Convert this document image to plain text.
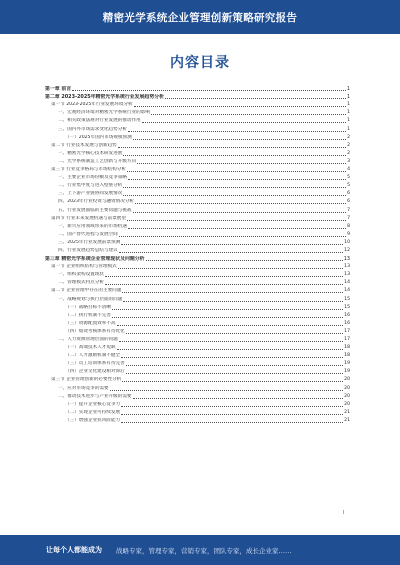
精密光学系统企业管理创新策略研究报告
内容目录
第一章 前言	1
第二章 2023-2025年精密光学系统行业发展趋势分析	1
第一节 2023-2025年行业发展环境分析	1
一、宏观经济环境对精密光学系统行业的影响	1
二、相关政策法规对行业发展的推动作用	1
三、国内外市场需求变化趋势分析	1
（一）2025年国内市场规模预测	2
第二节 行业技术发展与创新趋势	2
一、精密光学核心技术研发进展	2
二、光学系统制造工艺创新与升级方向	3
第三节 行业竞争格局与市场结构分析	4
一、主要企业市场份额及竞争策略	5
二、行业集中度与进入壁垒分析	5
三、上下游产业链协同发展情况	6
四、2023年行业投资与融资情况分析	6
五、行业发展面临的主要问题与挑战	7
第四节 行业未来发展机遇与前景展望	7
一、新兴应用领域带来的市场机遇	8
二、国产替代进程与发展空间	9
三、2025年行业发展前景预测	10
四、行业发展趋势总结与建议	12
第三章 精密光学系统企业管理现状及问题分析	13
第一节 企业组织结构与管理模式	13
一、组织架构设置现状	13
二、管理模式特点分析	14
第二节 企业管理中存在的主要问题	14
一、战略规划与执行层面的问题	15
（一）战略目标不清晰	15
（二）执行机制不完善	16
（三）资源配置效率不高	16
（四）绩效考核体系有待优化	17
二、人力资源管理层面的问题	17
（一）高端技术人才短缺	18
（二）人才激励机制不健全	18
（三）员工培训体系有待完善	19
（四）企业文化建设相对滞后	19
第三节 企业管理创新的必要性分析	20
一、应对市场竞争的需要	20
二、推动技术进步与产业升级的需要	20
（一）提升企业核心竞争力	20
（二）实现企业可持续发展	21
（三）增强企业抗风险能力	21
I
让每个人都能成为 战略专家，管理专家，营销专家，团队专家，成长企业家……
